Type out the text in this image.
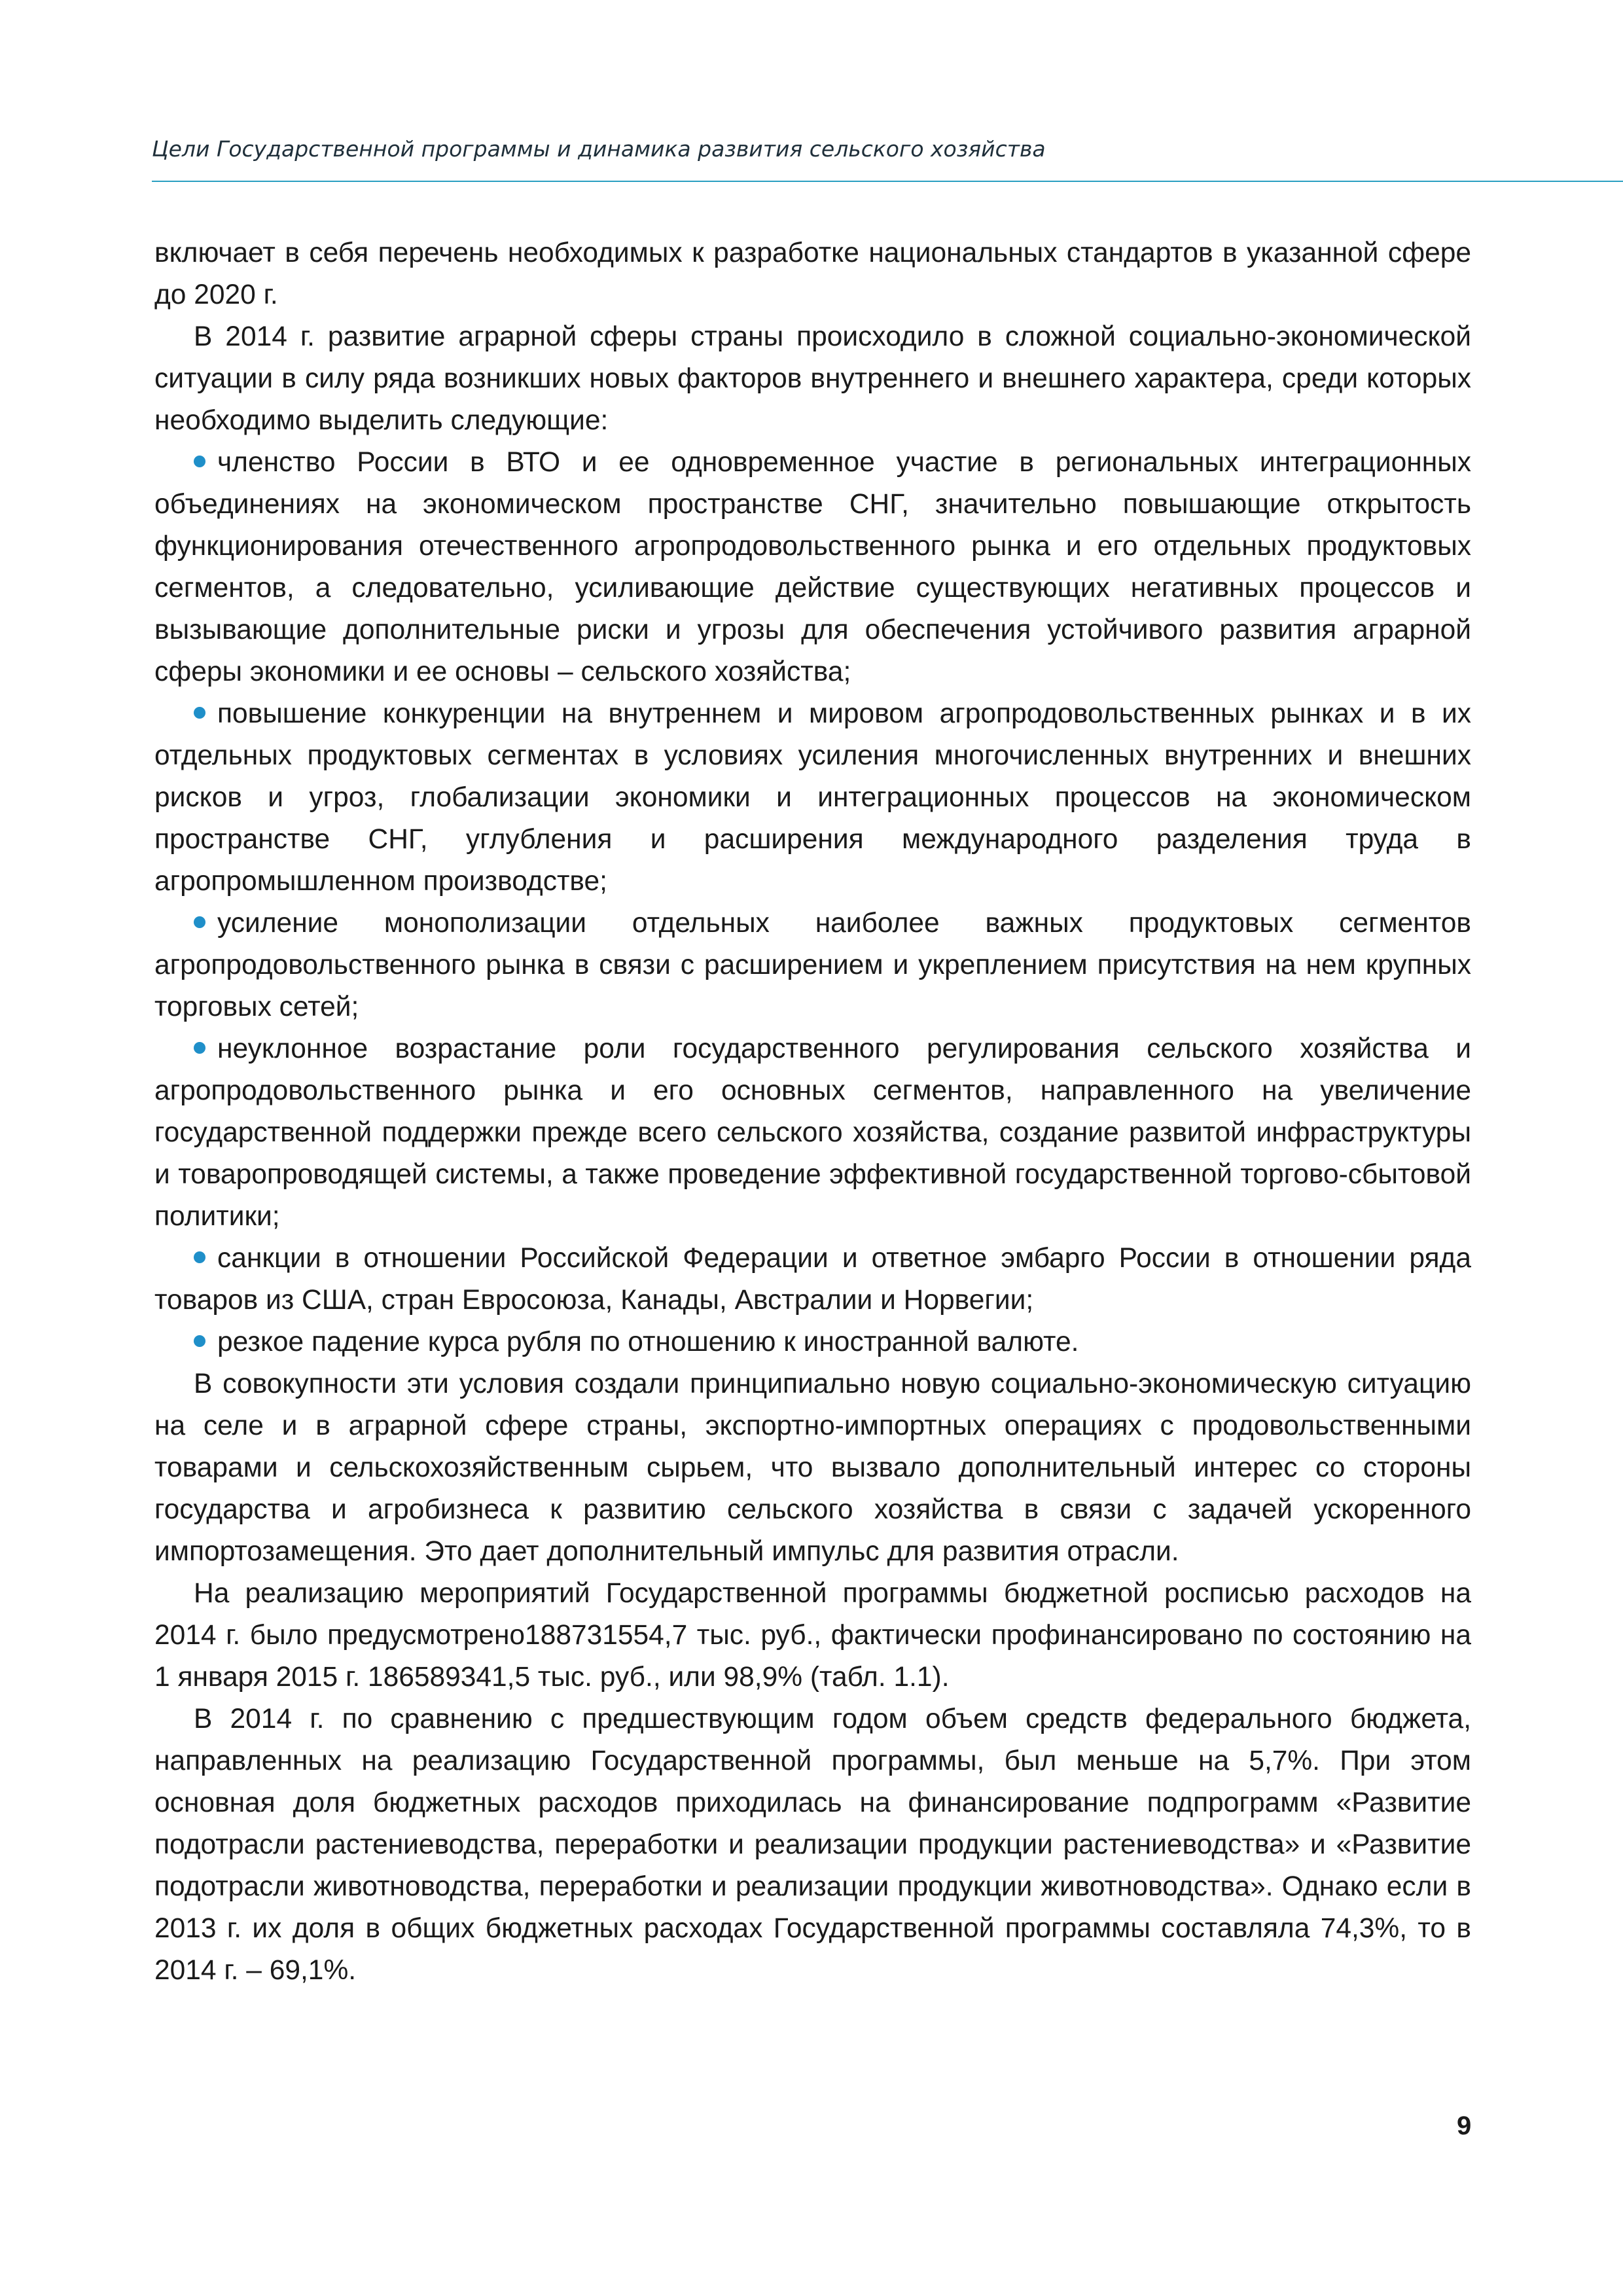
Цели Государственной программы и динамика развития сельского хозяйства

включает в себя перечень необходимых к разработке национальных стандартов в указанной сфере до 2020 г.

В 2014 г. развитие аграрной сферы страны происходило в сложной социально-экономической ситуации в силу ряда возникших новых факторов внутреннего и внешнего характера, среди которых необходимо выделить следующие:

членство России в ВТО и ее одновременное участие в региональных интеграционных объединениях на экономическом пространстве СНГ, значительно повышающие открытость функционирования отечественного агропродовольственного рынка и его отдельных продуктовых сегментов, а следовательно, усиливающие действие существующих негативных процессов и вызывающие дополнительные риски и угрозы для обеспечения устойчивого развития аграрной сферы экономики и ее основы – сельского хозяйства;

повышение конкуренции на внутреннем и мировом агропродовольственных рынках и в их отдельных продуктовых сегментах в условиях усиления многочисленных внутренних и внешних рисков и угроз, глобализации экономики и интеграционных процессов на экономическом пространстве СНГ, углубления и расширения международного разделения труда в агропромышленном производстве;

усиление монополизации отдельных наиболее важных продуктовых сегментов агропродовольственного рынка в связи с расширением и укреплением присутствия на нем крупных торговых сетей;

неуклонное возрастание роли государственного регулирования сельского хозяйства и агропродовольственного рынка и его основных сегментов, направленного на увеличение государственной поддержки прежде всего сельского хозяйства, создание развитой инфраструктуры и товаропроводящей системы, а также проведение эффективной государственной торгово-сбытовой политики;

санкции в отношении Российской Федерации и ответное эмбарго России в отношении ряда товаров из США, стран Евросоюза, Канады, Австралии и Норвегии;

резкое падение курса рубля по отношению к иностранной валюте.

В совокупности эти условия создали принципиально новую социально-экономическую ситуацию на селе и в аграрной сфере страны, экспортно-импортных операциях с продовольственными товарами и сельскохозяйственным сырьем, что вызвало дополнительный интерес со стороны государства и агробизнеса к развитию сельского хозяйства в связи с задачей ускоренного импортозамещения. Это дает дополнительный импульс для развития отрасли.

На реализацию мероприятий Государственной программы бюджетной росписью расходов на 2014 г. было предусмотрено188731554,7 тыс. руб., фактически профинансировано по состоянию на 1 января 2015 г. 186589341,5 тыс. руб., или 98,9% (табл. 1.1).

В 2014 г. по сравнению с предшествующим годом объем средств федерального бюджета, направленных на реализацию Государственной программы, был меньше на 5,7%. При этом основная доля бюджетных расходов приходилась на финансирование подпрограмм «Развитие подотрасли растениеводства, переработки и реализации продукции растениеводства» и «Развитие подотрасли животноводства, переработки и реализации продукции животноводства». Однако если в 2013 г. их доля в общих бюджетных расходах Государственной программы составляла 74,3%, то в 2014 г. – 69,1%.

9
